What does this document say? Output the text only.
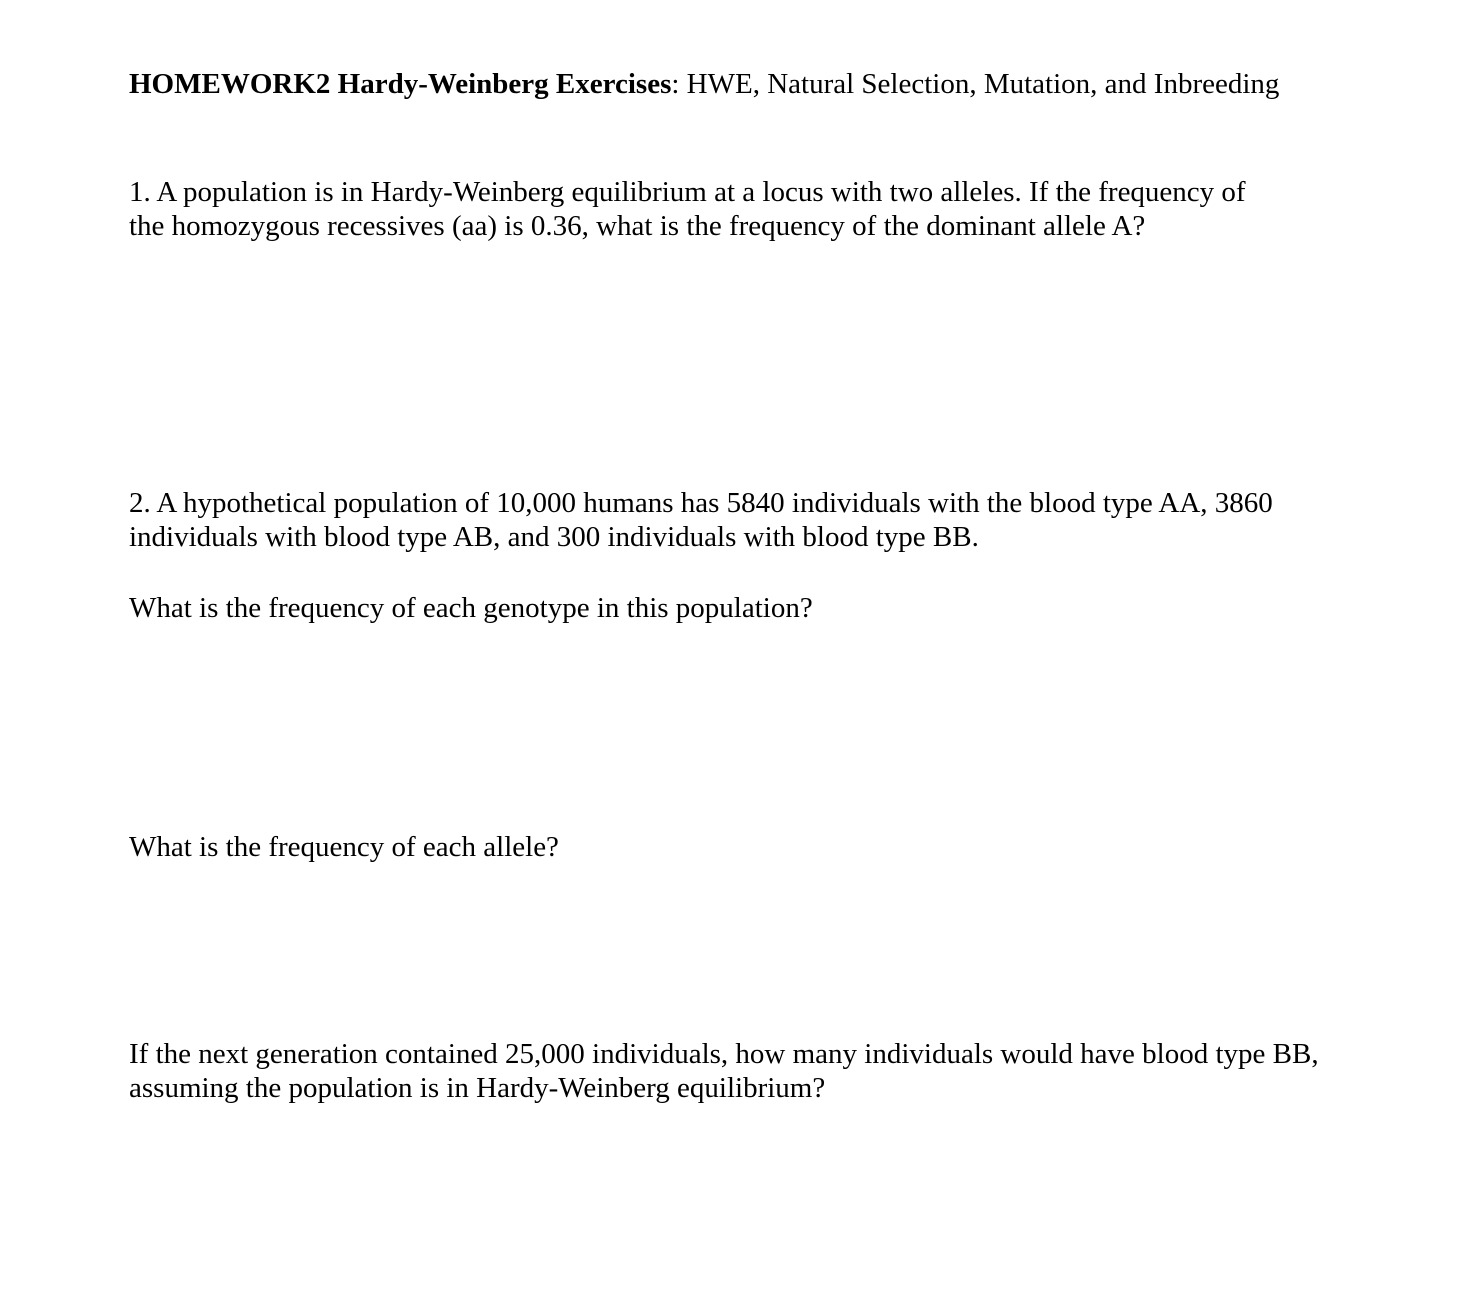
HOMEWORK2 Hardy-Weinberg Exercises: HWE, Natural Selection, Mutation, and Inbreeding

1. A population is in Hardy-Weinberg equilibrium at a locus with two alleles. If the frequency of
the homozygous recessives (aa) is 0.36, what is the frequency of the dominant allele A?

2. A hypothetical population of 10,000 humans has 5840 individuals with the blood type AA, 3860
individuals with blood type AB, and 300 individuals with blood type BB.

What is the frequency of each genotype in this population?

What is the frequency of each allele?

If the next generation contained 25,000 individuals, how many individuals would have blood type BB,
assuming the population is in Hardy-Weinberg equilibrium?
